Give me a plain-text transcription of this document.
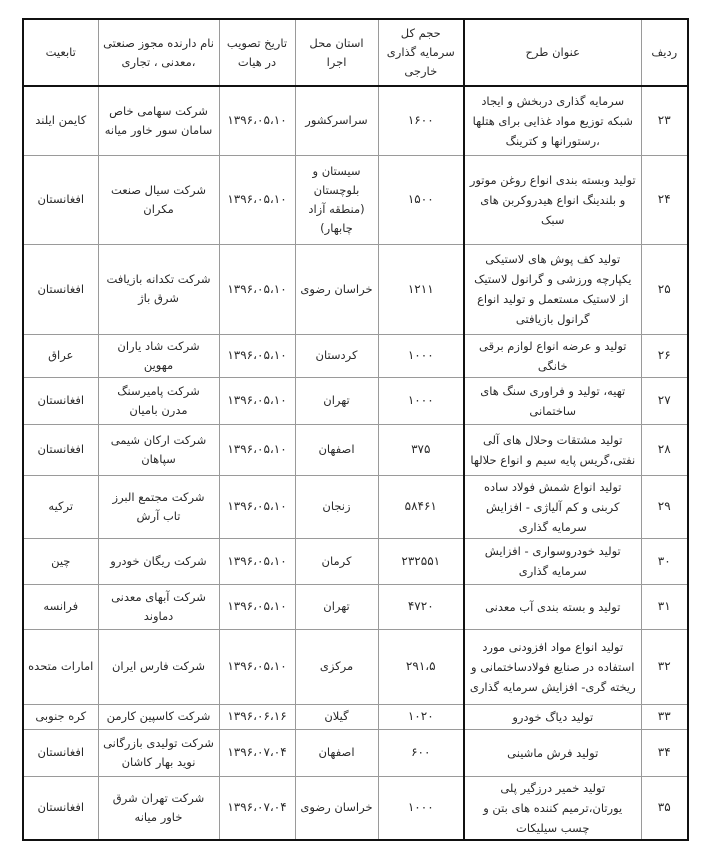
ردیف	عنوان طرح	حجم کل سرمایه گذاری خارجی	استان محل اجرا	تاریخ تصویب در هیات	نام دارنده مجوز صنعتی ،معدنی ، تجاری	تابعیت
۲۳	سرمایه گذاری دربخش و ایجاد شبکه توزیع مواد غذایی برای هتلها ،رستورانها و کترینگ	۱۶۰۰	سراسرکشور	۱۳۹۶،۰۵،۱۰	شرکت سهامی خاص سامان سور خاور میانه	کایمن ایلند
۲۴	تولید وبسته بندی انواع روغن موتور و بلندینگ انواع هیدروکربن های سبک	۱۵۰۰	سیستان و بلوچستان (منطقه آزاد چابهار)	۱۳۹۶،۰۵،۱۰	شرکت سیال صنعت مکران	افغانستان
۲۵	تولید کف پوش های لاستیکی یکپارچه ورزشی و گرانول لاستیک از لاستیک مستعمل و تولید انواع گرانول بازیافتی	۱۲۱۱	خراسان رضوی	۱۳۹۶،۰۵،۱۰	شرکت تکدانه بازیافت شرق باژ	افغانستان
۲۶	تولید و عرضه انواع لوازم برقی خانگی	۱۰۰۰	کردستان	۱۳۹۶،۰۵،۱۰	شرکت شاد یاران مهوین	عراق
۲۷	تهیه، تولید و فراوری سنگ های ساختمانی	۱۰۰۰	تهران	۱۳۹۶،۰۵،۱۰	شرکت پامیرسنگ مدرن بامیان	افغانستان
۲۸	تولید مشتقات وحلال های آلی نفتی،گریس پایه سیم و انواع حلالها	۳۷۵	اصفهان	۱۳۹۶،۰۵،۱۰	شرکت ارکان شیمی سپاهان	افغانستان
۲۹	تولید انواع شمش فولاد ساده کربنی و کم آلیاژی - افزایش سرمایه گذاری	۵۸۴۶۱	زنجان	۱۳۹۶،۰۵،۱۰	شرکت مجتمع البرز تاب آرش	ترکیه
۳۰	تولید خودروسواری - افزایش سرمایه گذاری	۲۳۲۵۵۱	کرمان	۱۳۹۶،۰۵،۱۰	شرکت ریگان خودرو	چین
۳۱	تولید و بسته بندی آب معدنی	۴۷۲۰	تهران	۱۳۹۶،۰۵،۱۰	شرکت آبهای معدنی دماوند	فرانسه
۳۲	تولید انواع مواد افزودنی مورد استفاده در صنایع فولادساختمانی و ریخته گری- افزایش سرمایه گذاری	۲۹۱،۵	مرکزی	۱۳۹۶،۰۵،۱۰	شرکت فارس ایران	امارات متحده
۳۳	تولید دیاگ خودرو	۱۰۲۰	گیلان	۱۳۹۶،۰۶،۱۶	شرکت کاسپین کارمن	کره جنوبی
۳۴	تولید فرش ماشینی	۶۰۰	اصفهان	۱۳۹۶،۰۷،۰۴	شرکت تولیدی بازرگانی نوید بهار کاشان	افغانستان
۳۵	تولید خمیر درزگیر پلی یورتان،ترمیم کننده های بتن و چسب سیلیکات	۱۰۰۰	خراسان رضوی	۱۳۹۶،۰۷،۰۴	شرکت تهران شرق خاور میانه	افغانستان
